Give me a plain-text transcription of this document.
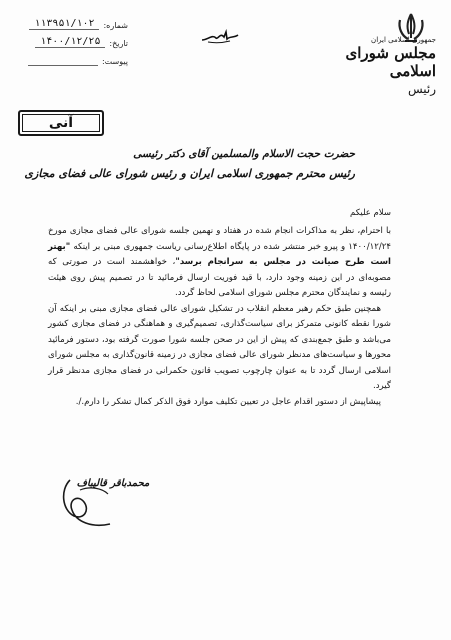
جمهوری اسلامی ایران
مجلس شورای اسلامی
رئیس
شماره:
۱۱۳۹۵۱/۱۰۲
تاریخ:
۱۴۰۰/۱۲/۲۵
پیوست:
آنی
حضرت حجت الاسلام والمسلمین آقای دکتر رئیسی
رئیس محترم جمهوری اسلامی ایران و رئیس شورای عالی فضای مجازی
سلام علیکم

با احترام، نظر به مذاکرات انجام شده در هفتاد و نهمین جلسه شورای عالی فضای مجازی مورخ ۱۴۰۰/۱۲/۲۴ و پیرو خبر منتشر شده در پایگاه اطلاع‌رسانی ریاست جمهوری مبنی بر اینکه "بهتر است طرح صیانت در مجلس به سرانجام برسد"، خواهشمند است در صورتی که مصوبه‌ای در این زمینه وجود دارد، با قید فوریت ارسال فرمائید تا در تصمیم پیش روی هیئت رئیسه و نمایندگان محترم مجلس شورای اسلامی لحاظ گردد.

همچنین طبق حکم رهبر معظم انقلاب در تشکیل شورای عالی فضای مجازی مبنی بر اینکه آن شورا نقطه کانونی متمرکز برای سیاست‌گذاری، تصمیم‌گیری و هماهنگی در فضای مجازی کشور می‌باشد و طبق جمع‌بندی که پیش از این در صحن جلسه شورا صورت گرفته بود، دستور فرمائید محورها و سیاست‌های مدنظر شورای عالی فضای مجازی در زمینه قانون‌گذاری به مجلس شورای اسلامی ارسال گردد تا به عنوان چارچوب تصویب قانون حکمرانی در فضای مجازی مدنظر قرار گیرد.

پیشاپیش از دستور اقدام عاجل در تعیین تکلیف موارد فوق الذکر کمال تشکر را دارم./.

محمدباقر قالیباف
